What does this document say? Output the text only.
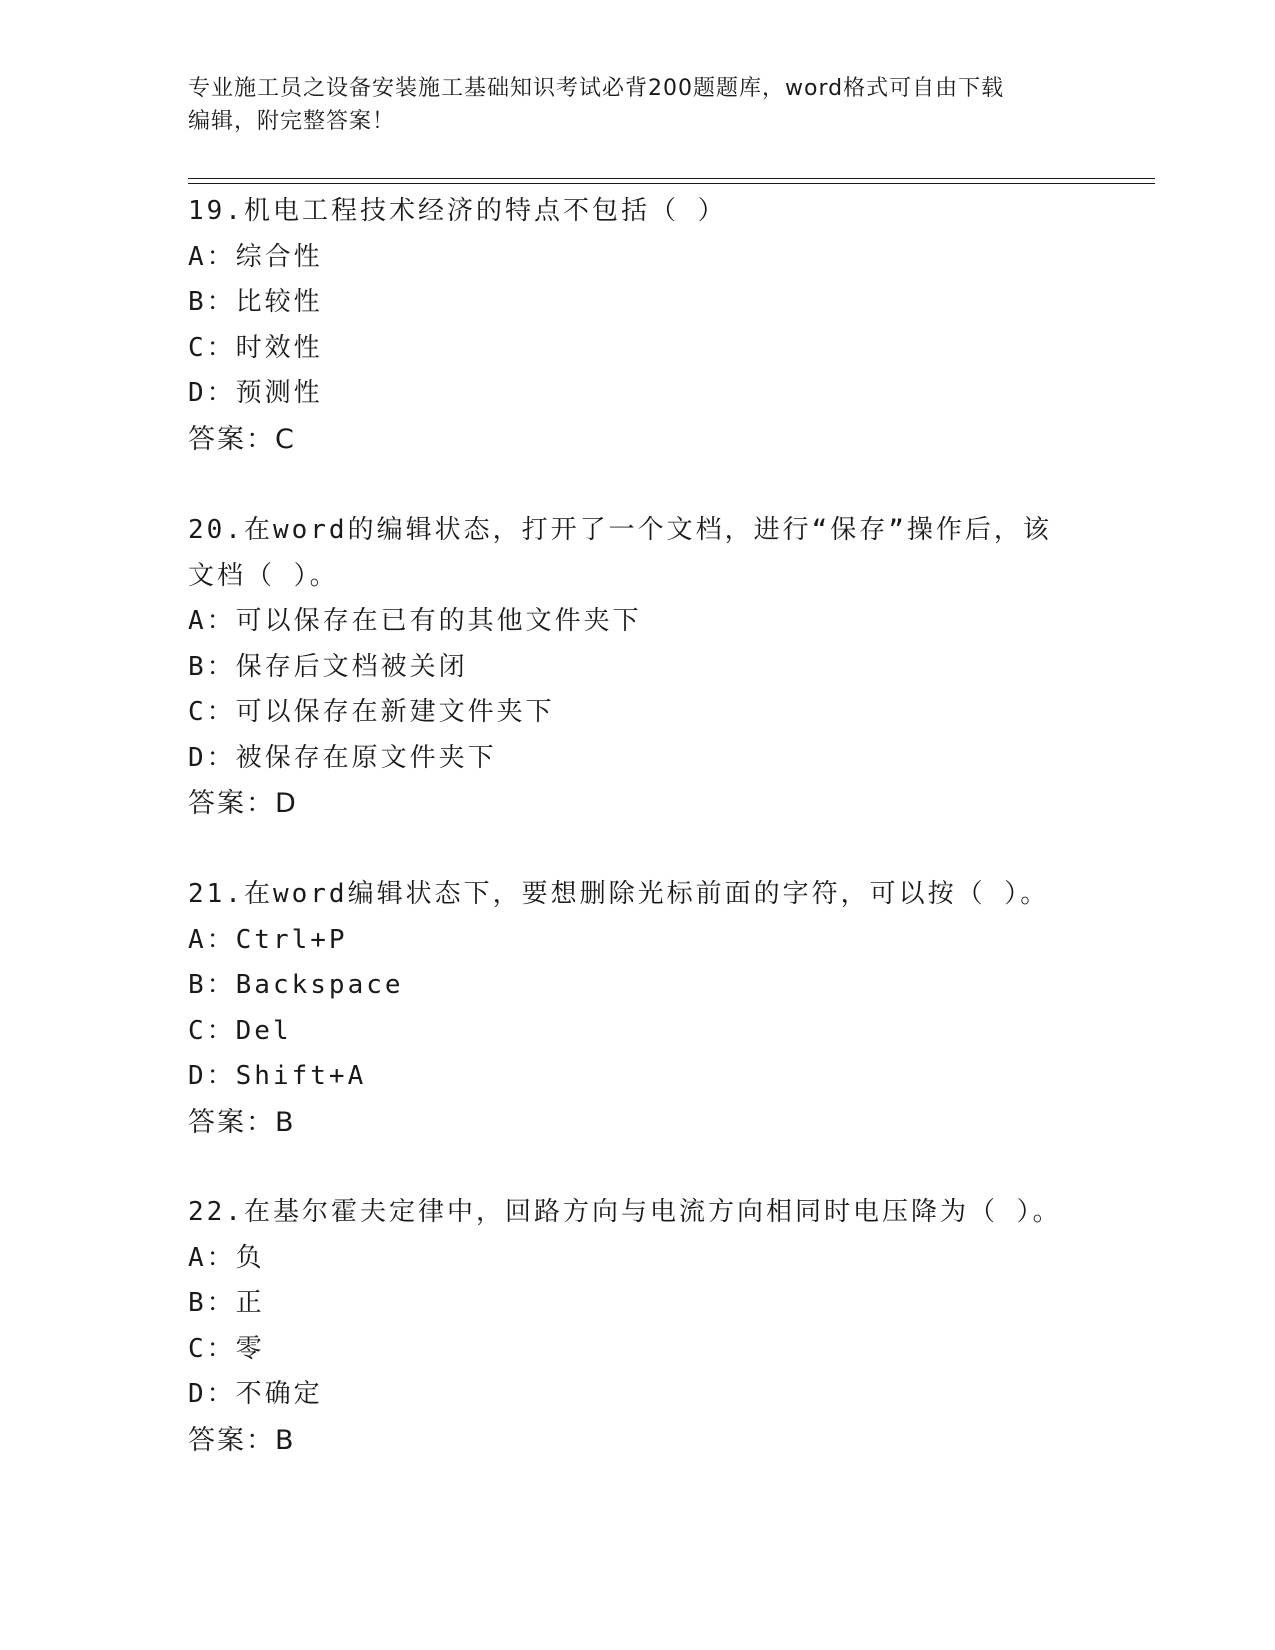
专业施工员之设备安装施工基础知识考试必背200题题库，word格式可自由下载
编辑，附完整答案！
19.机电工程技术经济的特点不包括（ ）
A：综合性
B：比较性
C：时效性
D：预测性
答案：C
20.在word的编辑状态，打开了一个文档，进行“保存”操作后，该
文档（ ）。
A：可以保存在已有的其他文件夹下
B：保存后文档被关闭
C：可以保存在新建文件夹下
D：被保存在原文件夹下
答案：D
21.在word编辑状态下，要想删除光标前面的字符，可以按（ ）。
A：Ctrl+P
B：Backspace
C：Del
D：Shift+A
答案：B
22.在基尔霍夫定律中，回路方向与电流方向相同时电压降为（ ）。
A：负
B：正
C：零
D：不确定
答案：B
